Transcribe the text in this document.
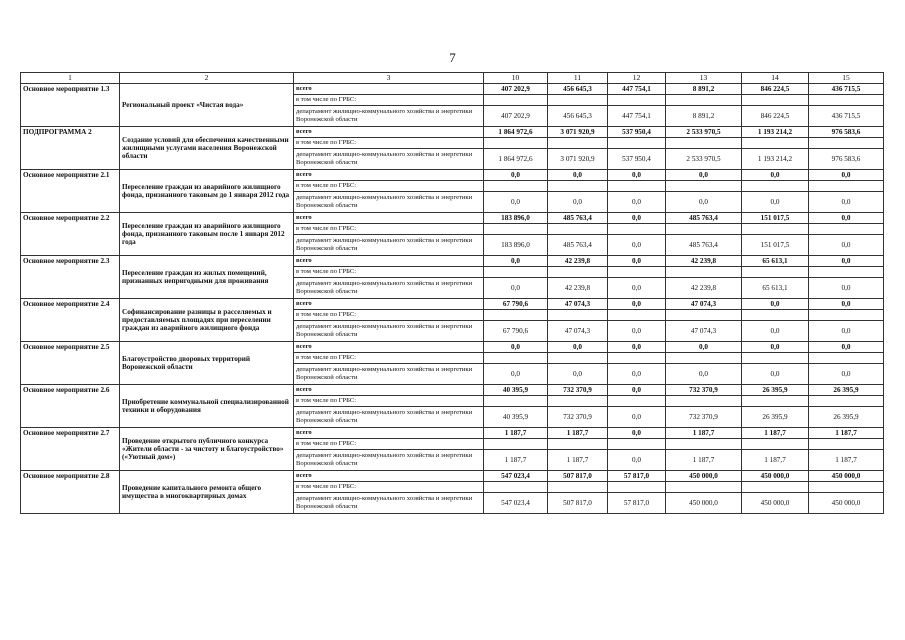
7
1	2	3	10	11	12	13	14	15
Основное мероприятие 1.3	Региональный проект «Чистая вода»	всего	407 202,9	456 645,3	447 754,1	8 891,2	846 224,5	436 715,5
		в том числе по ГРБС:						
		департамент жилищно-коммунального хозяйства и энергетики Воронежской области	407 202,9	456 645,3	447 754,1	8 891,2	846 224,5	436 715,5
ПОДПРОГРАММА 2	Создание условий для обеспечения качественными жилищными услугами населения Воронежской области	всего	1 864 972,6	3 071 920,9	537 950,4	2 533 970,5	1 193 214,2	976 583,6
		в том числе по ГРБС:						
		департамент жилищно-коммунального хозяйства и энергетики Воронежской области	1 864 972,6	3 071 920,9	537 950,4	2 533 970,5	1 193 214,2	976 583,6
Основное мероприятие 2.1	Переселение граждан из аварийного жилищного фонда, признанного таковым до 1 января 2012 года	всего	0,0	0,0	0,0	0,0	0,0	0,0
		в том числе по ГРБС:						
		департамент жилищно-коммунального хозяйства и энергетики Воронежской области	0,0	0,0	0,0	0,0	0,0	0,0
Основное мероприятие 2.2	Переселение граждан из аварийного жилищного фонда, признанного таковым после 1 января 2012 года	всего	183 896,0	485 763,4	0,0	485 763,4	151 017,5	0,0
		в том числе по ГРБС:						
		департамент жилищно-коммунального хозяйства и энергетики Воронежской области	183 896,0	485 763,4	0,0	485 763,4	151 017,5	0,0
Основное мероприятие 2.3	Переселение граждан из жилых помещений, признанных непригодными для проживания	всего	0,0	42 239,8	0,0	42 239,8	65 613,1	0,0
		в том числе по ГРБС:						
		департамент жилищно-коммунального хозяйства и энергетики Воронежской области	0,0	42 239,8	0,0	42 239,8	65 613,1	0,0
Основное мероприятие 2.4	Софинансирование разницы в расселяемых и предоставляемых площадях при переселении граждан из аварийного жилищного фонда	всего	67 790,6	47 074,3	0,0	47 074,3	0,0	0,0
		в том числе по ГРБС:						
		департамент жилищно-коммунального хозяйства и энергетики Воронежской области	67 790,6	47 074,3	0,0	47 074,3	0,0	0,0
Основное мероприятие 2.5	Благоустройство дворовых территорий Воронежской области	всего	0,0	0,0	0,0	0,0	0,0	0,0
		в том числе по ГРБС:						
		департамент жилищно-коммунального хозяйства и энергетики Воронежской области	0,0	0,0	0,0	0,0	0,0	0,0
Основное мероприятие 2.6	Приобретение коммунальной специализированной техники и оборудования	всего	40 395,9	732 370,9	0,0	732 370,9	26 395,9	26 395,9
		в том числе по ГРБС:						
		департамент жилищно-коммунального хозяйства и энергетики Воронежской области	40 395,9	732 370,9	0,0	732 370,9	26 395,9	26 395,9
Основное мероприятие 2.7	Проведение открытого публичного конкурса «Жители области - за чистоту и благоустройство» («Уютный дом»)	всего	1 187,7	1 187,7	0,0	1 187,7	1 187,7	1 187,7
		в том числе по ГРБС:						
		департамент жилищно-коммунального хозяйства и энергетики Воронежской области	1 187,7	1 187,7	0,0	1 187,7	1 187,7	1 187,7
Основное мероприятие 2.8	Проведение капитального ремонта общего имущества в многоквартирных домах	всего	547 023,4	507 817,0	57 817,0	450 000,0	450 000,0	450 000,0
		в том числе по ГРБС:						
		департамент жилищно-коммунального хозяйства и энергетики Воронежской области	547 023,4	507 817,0	57 817,0	450 000,0	450 000,0	450 000,0
